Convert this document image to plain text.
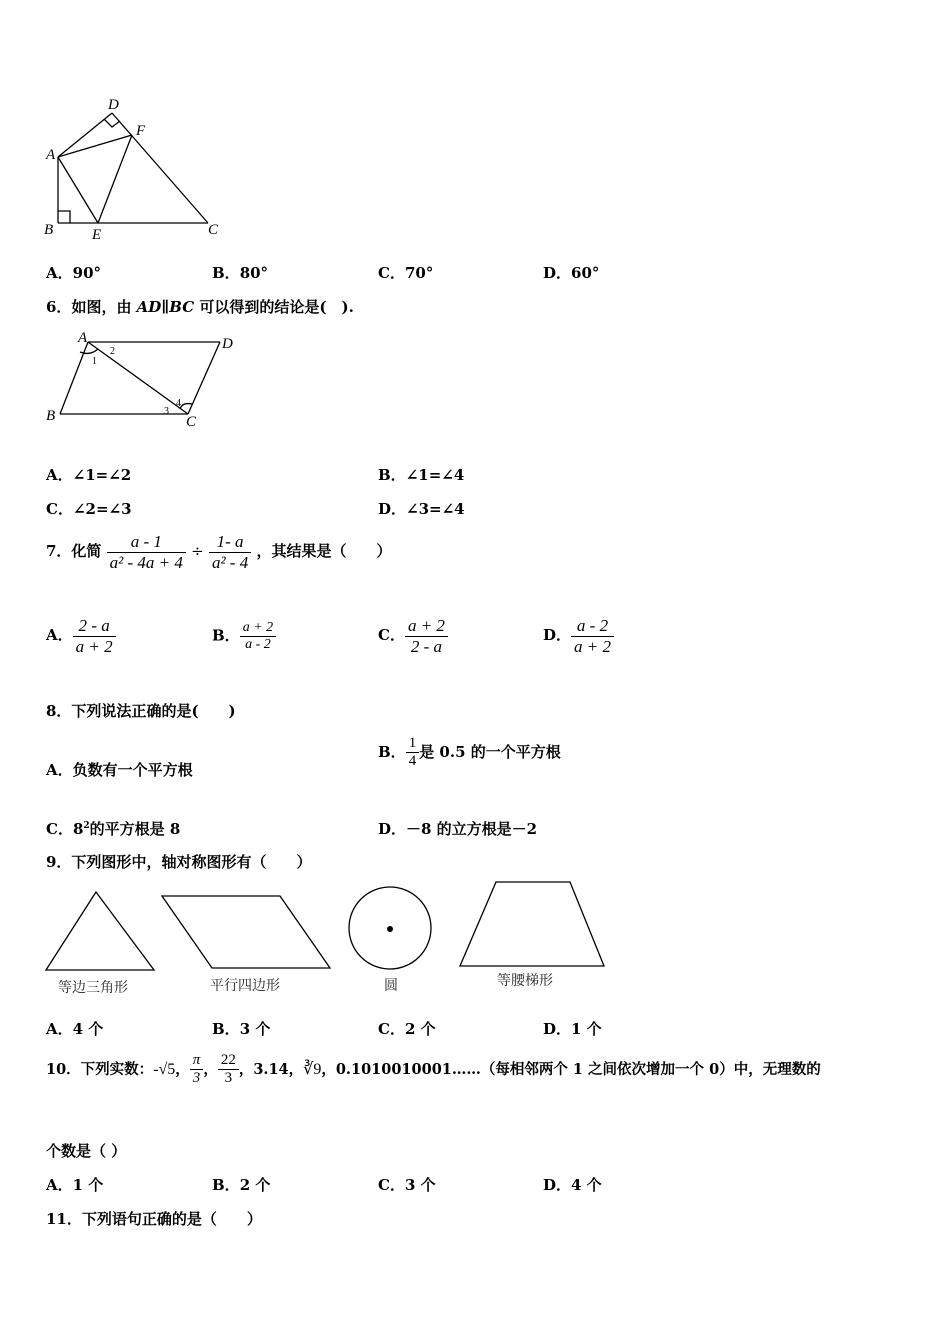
D
F
A
B	E	C
A．90°	B．80°	C．70°	D．60°
6．如图，由 AD∥BC 可以得到的结论是(　).
A	D
B	C
1
2
3
4
A．∠1=∠2	B．∠1=∠4
C．∠2=∠3	D．∠3=∠4
7．化简 $\frac{a - 1}{\text{a² - 4a + 4}} \div \frac{1- a}{\text{a² - 4}}$ ，其结果是（　　）
A． $\frac{2 - a}{a + 2}$	B． $\frac{a + 2}{a - 2}$	C． $\frac{a + 2}{2 - a}$	D． $\frac{a - 2}{a + 2}$
8．下列说法正确的是(　　)
A．负数有一个平方根
B． $\frac{1}{4}$ 是 0.5 的一个平方根
C．$8^2$的平方根是 8	D．－8 的立方根是－2
9．下列图形中，轴对称图形有（　　）
等边三角形	平行四边形	圆	等腰梯形
A．4 个	B．3 个	C．2 个	D．1 个
10．下列实数：-√5， $\frac{\pi}{3}$ ， $\frac{22}{3}$ ，3.14，∛9，0.1010010001……（每相邻两个 1 之间依次增加一个 0）中，无理数的
个数是（ ）
A．1 个	B．2 个	C．3 个	D．4 个
11．下列语句正确的是（　　）
